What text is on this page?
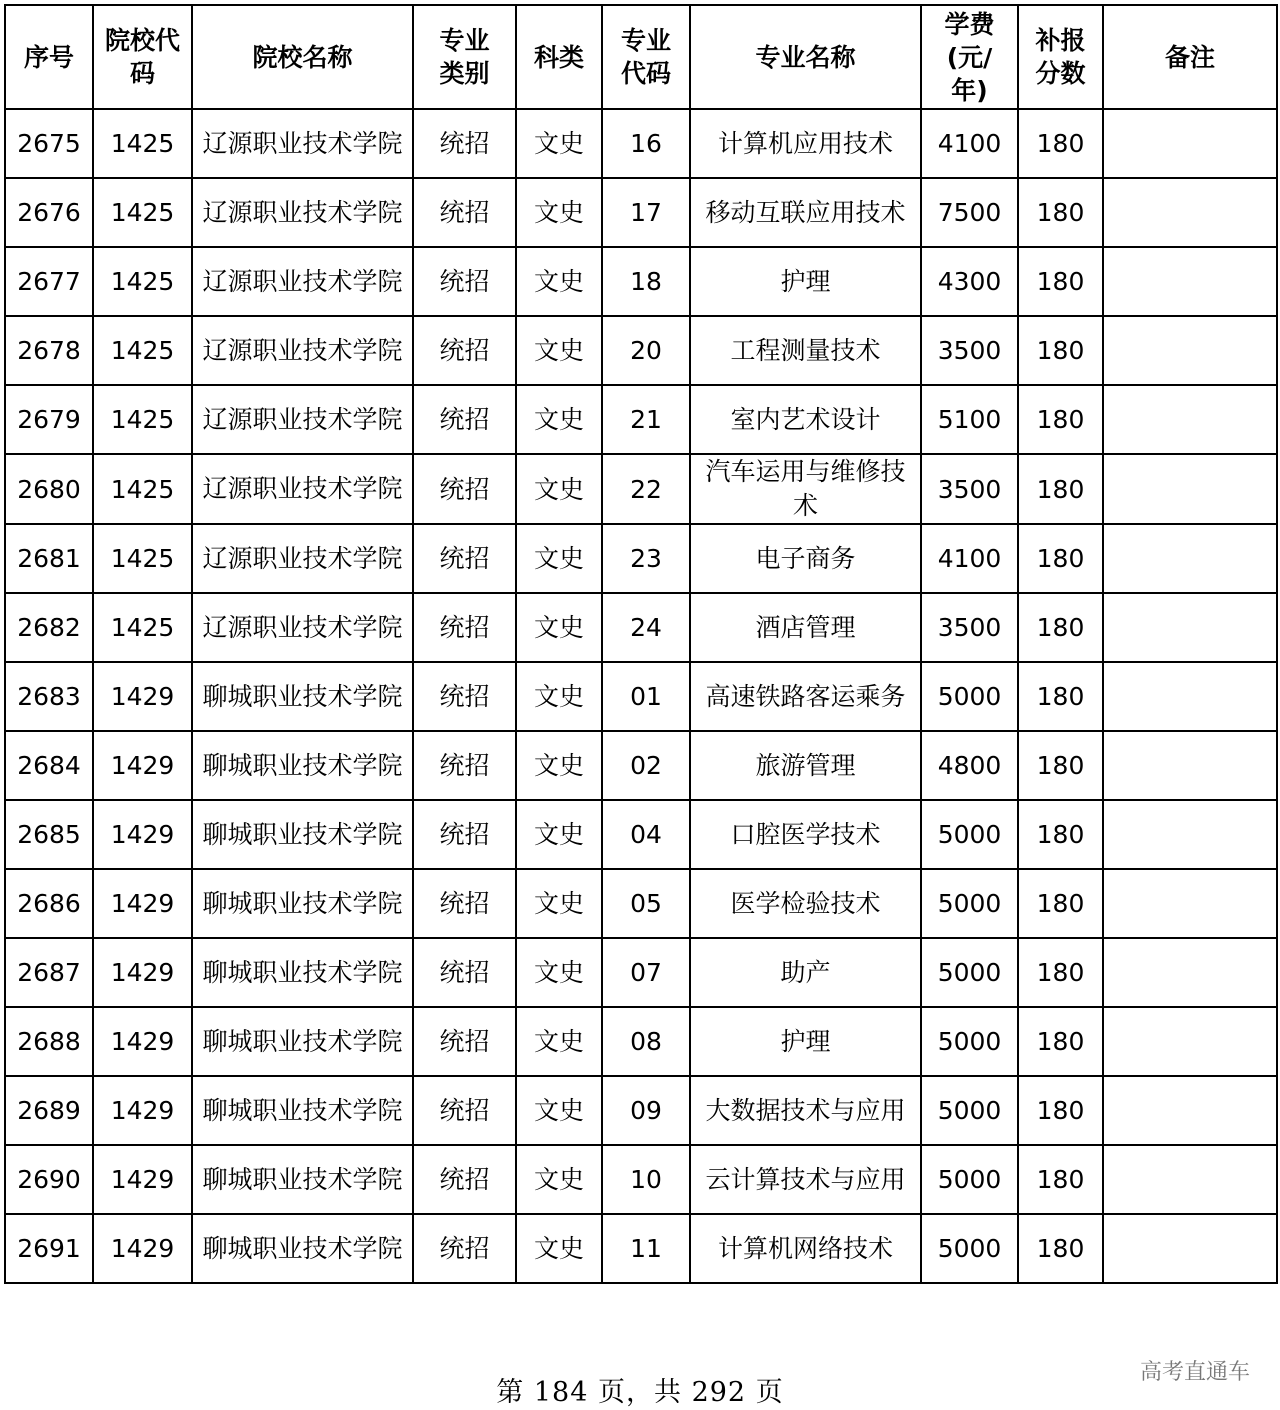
序号	院校代码	院校名称	专业类别	科类	专业代码	专业名称	学费(元/年)	补报分数	备注
2675	1425	辽源职业技术学院	统招	文史	16	计算机应用技术	4100	180	
2676	1425	辽源职业技术学院	统招	文史	17	移动互联应用技术	7500	180	
2677	1425	辽源职业技术学院	统招	文史	18	护理	4300	180	
2678	1425	辽源职业技术学院	统招	文史	20	工程测量技术	3500	180	
2679	1425	辽源职业技术学院	统招	文史	21	室内艺术设计	5100	180	
2680	1425	辽源职业技术学院	统招	文史	22	汽车运用与维修技术	3500	180	
2681	1425	辽源职业技术学院	统招	文史	23	电子商务	4100	180	
2682	1425	辽源职业技术学院	统招	文史	24	酒店管理	3500	180	
2683	1429	聊城职业技术学院	统招	文史	01	高速铁路客运乘务	5000	180	
2684	1429	聊城职业技术学院	统招	文史	02	旅游管理	4800	180	
2685	1429	聊城职业技术学院	统招	文史	04	口腔医学技术	5000	180	
2686	1429	聊城职业技术学院	统招	文史	05	医学检验技术	5000	180	
2687	1429	聊城职业技术学院	统招	文史	07	助产	5000	180	
2688	1429	聊城职业技术学院	统招	文史	08	护理	5000	180	
2689	1429	聊城职业技术学院	统招	文史	09	大数据技术与应用	5000	180	
2690	1429	聊城职业技术学院	统招	文史	10	云计算技术与应用	5000	180	
2691	1429	聊城职业技术学院	统招	文史	11	计算机网络技术	5000	180	
第 184 页，共 292 页
高考直通车
